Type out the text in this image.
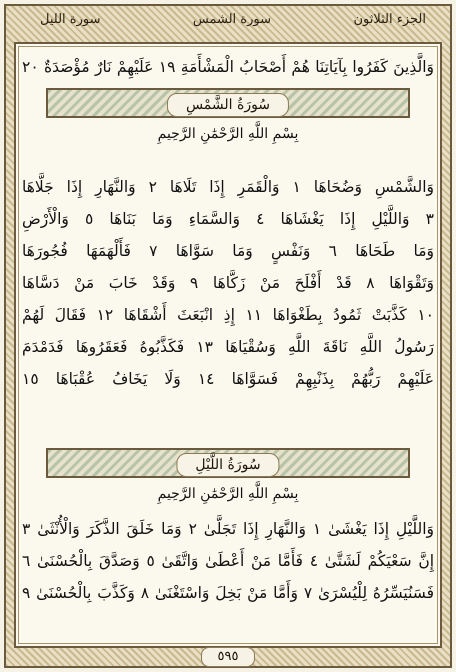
الجزء الثلاثون
سورة الشمس
سورة الليل
وَالَّذِينَ كَفَرُوا بِآيَاتِنَا هُمْ أَصْحَابُ الْمَشْأَمَةِ ١٩ عَلَيْهِمْ نَارٌ مُؤْصَدَةٌ ٢٠
سُورَةُ الشَّمْسِ
بِسْمِ اللَّهِ الرَّحْمَٰنِ الرَّحِيمِ
وَالشَّمْسِ وَضُحَاهَا ١ وَالْقَمَرِ إِذَا تَلَاهَا ٢ وَالنَّهَارِ إِذَا جَلَّاهَا
٣ وَاللَّيْلِ إِذَا يَغْشَاهَا ٤ وَالسَّمَاءِ وَمَا بَنَاهَا ٥ وَالْأَرْضِ
وَمَا طَحَاهَا ٦ وَنَفْسٍ وَمَا سَوَّاهَا ٧ فَأَلْهَمَهَا فُجُورَهَا
وَتَقْوَاهَا ٨ قَدْ أَفْلَحَ مَنْ زَكَّاهَا ٩ وَقَدْ خَابَ مَنْ دَسَّاهَا
١٠ كَذَّبَتْ ثَمُودُ بِطَغْوَاهَا ١١ إِذِ انْبَعَثَ أَشْقَاهَا ١٢ فَقَالَ لَهُمْ
رَسُولُ اللَّهِ نَاقَةَ اللَّهِ وَسُقْيَاهَا ١٣ فَكَذَّبُوهُ فَعَقَرُوهَا فَدَمْدَمَ
عَلَيْهِمْ رَبُّهُمْ بِذَنْبِهِمْ فَسَوَّاهَا ١٤ وَلَا يَخَافُ عُقْبَاهَا ١٥
سُورَةُ اللَّيْلِ
بِسْمِ اللَّهِ الرَّحْمَٰنِ الرَّحِيمِ
وَاللَّيْلِ إِذَا يَغْشَىٰ ١ وَالنَّهَارِ إِذَا تَجَلَّىٰ ٢ وَمَا خَلَقَ الذَّكَرَ وَالْأُنْثَىٰ ٣
إِنَّ سَعْيَكُمْ لَشَتَّىٰ ٤ فَأَمَّا مَنْ أَعْطَىٰ وَاتَّقَىٰ ٥ وَصَدَّقَ بِالْحُسْنَىٰ ٦
فَسَنُيَسِّرُهُ لِلْيُسْرَىٰ ٧ وَأَمَّا مَنْ بَخِلَ وَاسْتَغْنَىٰ ٨ وَكَذَّبَ بِالْحُسْنَىٰ ٩
٥٩٥
